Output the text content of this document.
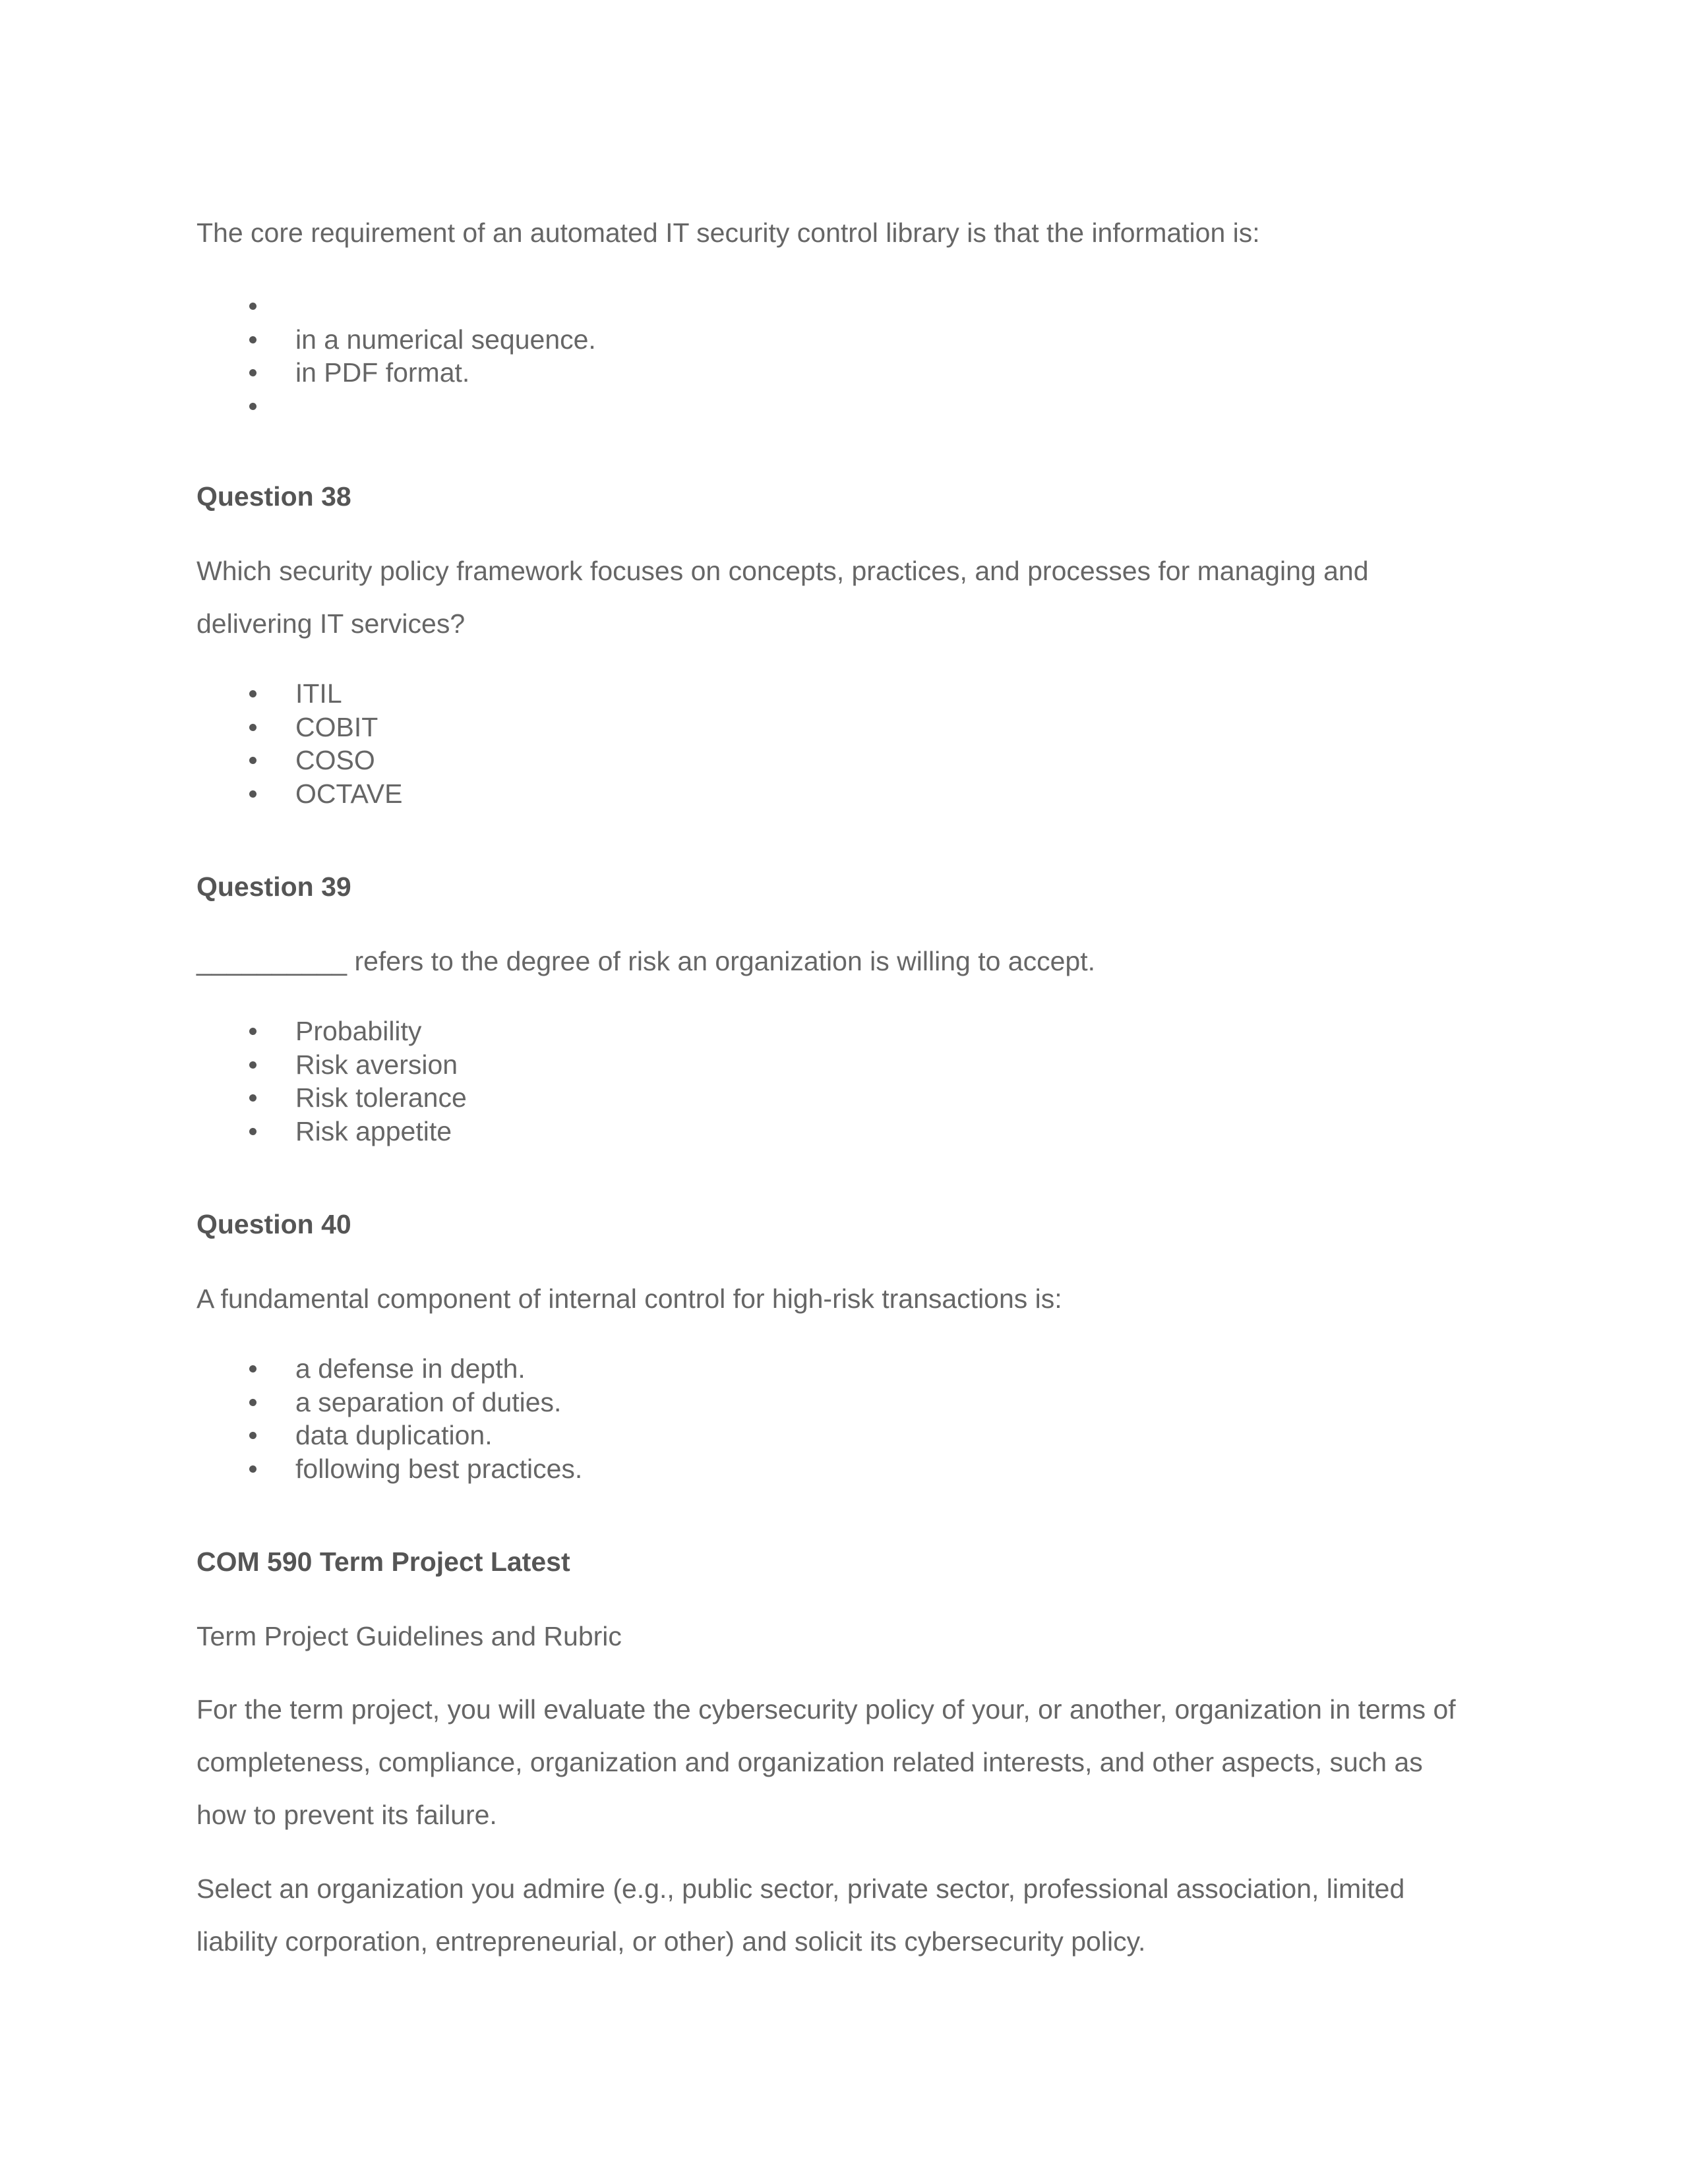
The core requirement of an automated IT security control library is that the information is:

in a numerical sequence.
in PDF format.
Question 38

Which security policy framework focuses on concepts, practices, and processes for managing and

delivering IT services?

ITIL
COBIT
COSO
OCTAVE
Question 39

__________ refers to the degree of risk an organization is willing to accept.

Probability
Risk aversion
Risk tolerance
Risk appetite
Question 40

A fundamental component of internal control for high-risk transactions is:

a defense in depth.
a separation of duties.
data duplication.
following best practices.
COM 590 Term Project Latest

Term Project Guidelines and Rubric

For the term project, you will evaluate the cybersecurity policy of your, or another, organization in terms of

completeness, compliance, organization and organization related interests, and other aspects, such as

how to prevent its failure.

Select an organization you admire (e.g., public sector, private sector, professional association, limited

liability corporation, entrepreneurial, or other) and solicit its cybersecurity policy.
